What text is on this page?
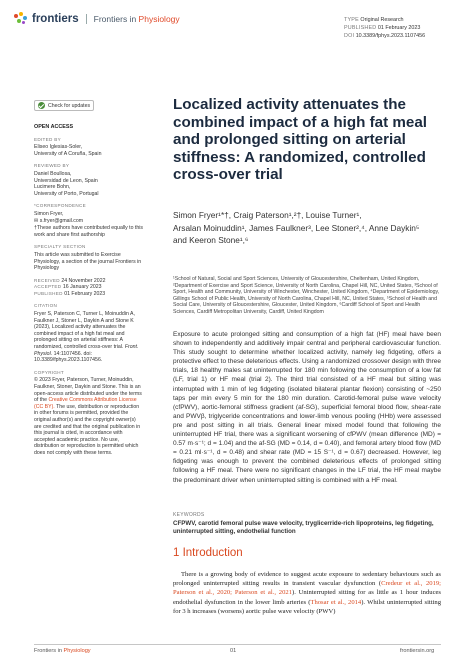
frontiers Frontiers in Physiology	TYPE Original Research
PUBLISHED 01 February 2023
DOI 10.3389/fphys.2023.1107456
Check for updates
OPEN ACCESS
EDITED BY

Eliseo Iglesias-Soler,

University of A Coruña, Spain

REVIEWED BY

Daniel Boullosa,

Universidad de Leon, Spain

Lucimere Bohn,

University of Porto, Portugal

*CORRESPONDENCE

Simon Fryer,

✉ s.fryer@gmail.com

†These authors have contributed equally to this work and share first authorship

SPECIALTY SECTION

This article was submitted to Exercise Physiology, a section of the journal Frontiers in Physiology

RECEIVED 24 November 2022

ACCEPTED 16 January 2023

PUBLISHED 01 February 2023

CITATION

Fryer S, Paterson C, Turner L, Moinuddin A, Faulkner J, Stoner L, Daykin A and Stone K (2023), Localized activity attenuates the combined impact of a high fat meal and prolonged sitting on arterial stiffness: A randomized, controlled cross-over trial. Front. Physiol. 14:1107456. doi: 10.3389/fphys.2023.1107456.

COPYRIGHT

© 2023 Fryer, Paterson, Turner, Moinuddin, Faulkner, Stoner, Daykin and Stone. This is an open-access article distributed under the terms of the Creative Commons Attribution License (CC BY). The use, distribution or reproduction in other forums is permitted, provided the original author(s) and the copyright owner(s) are credited and that the original publication in this journal is cited, in accordance with accepted academic practice. No use, distribution or reproduction is permitted which does not comply with these terms.

Localized activity attenuates the combined impact of a high fat meal and prolonged sitting on arterial stiffness: A randomized, controlled cross-over trial
Simon Fryer¹*†, Craig Paterson¹,²†, Louise Turner¹,
Arsalan Moinuddin¹, James Faulkner³, Lee Stoner²,⁴, Anne Daykin⁵
and Keeron Stone¹,⁶
¹School of Natural, Social and Sport Sciences, University of Gloucestershire, Cheltenham, United Kingdom, ²Department of Exercise and Sport Science, University of North Carolina, Chapel Hill, NC, United States, ³School of Sport, Health and Community, University of Winchester, Winchester, United Kingdom, ⁴Department of Epidemiology, Gillings School of Public Health, University of North Carolina, Chapel Hill, NC, United States, ⁵School of Health and Social Care, University of Gloucestershire, Gloucester, United Kingdom, ⁶Cardiff School of Sport and Health Sciences, Cardiff Metropolitan University, Cardiff, United Kingdom
Exposure to acute prolonged sitting and consumption of a high fat (HF) meal have been shown to independently and additively impair central and peripheral cardiovascular function. This study sought to determine whether localized activity, namely leg fidgeting, offers a protective effect to these deleterious effects. Using a randomized crossover design with three trials, 18 healthy males sat uninterrupted for 180 min following the consumption of a low fat (LF, trial 1) or HF meal (trial 2). The third trial consisted of a HF meal but sitting was interrupted with 1 min of leg fidgeting (isolated bilateral plantar flexion) consisting of ~250 taps per min every 5 min for the 180 min duration. Carotid-femoral pulse wave velocity (cfPWV), aortic-femoral stiffness gradient (af-SG), superficial femoral blood flow, shear-rate and PWVβ, triglyceride concentrations and lower-limb venous pooling (HHb) were assessed pre and post sitting in all trials. General linear mixed model found that following the uninterrupted HF trial, there was a significant worsening of cfPWV (mean difference (MD) = 0.57 m·s⁻¹; d = 1.04) and the af-SG (MD = 0.14, d = 0.40), and femoral artery blood flow (MD = 0.21 ml·s⁻¹, d = 0.48) and shear rate (MD = 15 S⁻¹, d = 0.67) decreased. However, leg fidgeting was enough to prevent the combined deleterious effects of prolonged sitting following a HF meal. There were no significant changes in the LF trial, the HF meal maybe the predominant driver when uninterrupted sitting is combined with a HF meal.
KEYWORDS
CFPWV, carotid femoral pulse wave velocity, tryglicerride-rich lipoproteins, leg fidgeting, uninterrupted sitting, endothelial function
1 Introduction
There is a growing body of evidence to suggest acute exposure to sedentary behaviours such as prolonged uninterrupted sitting results in transient vascular dysfunction (Credeur et al., 2019; Paterson et al., 2020; Paterson et al., 2021). Uninterrupted sitting for as little as 1 hour induces endothelial dysfunction in the lower limb arteries (Thosar et al., 2014). Whilst uninterrupted sitting for 3 h increases (worsens) aortic pulse wave velocity (PWV)
Frontiers in Physiology	01	frontiersin.org
